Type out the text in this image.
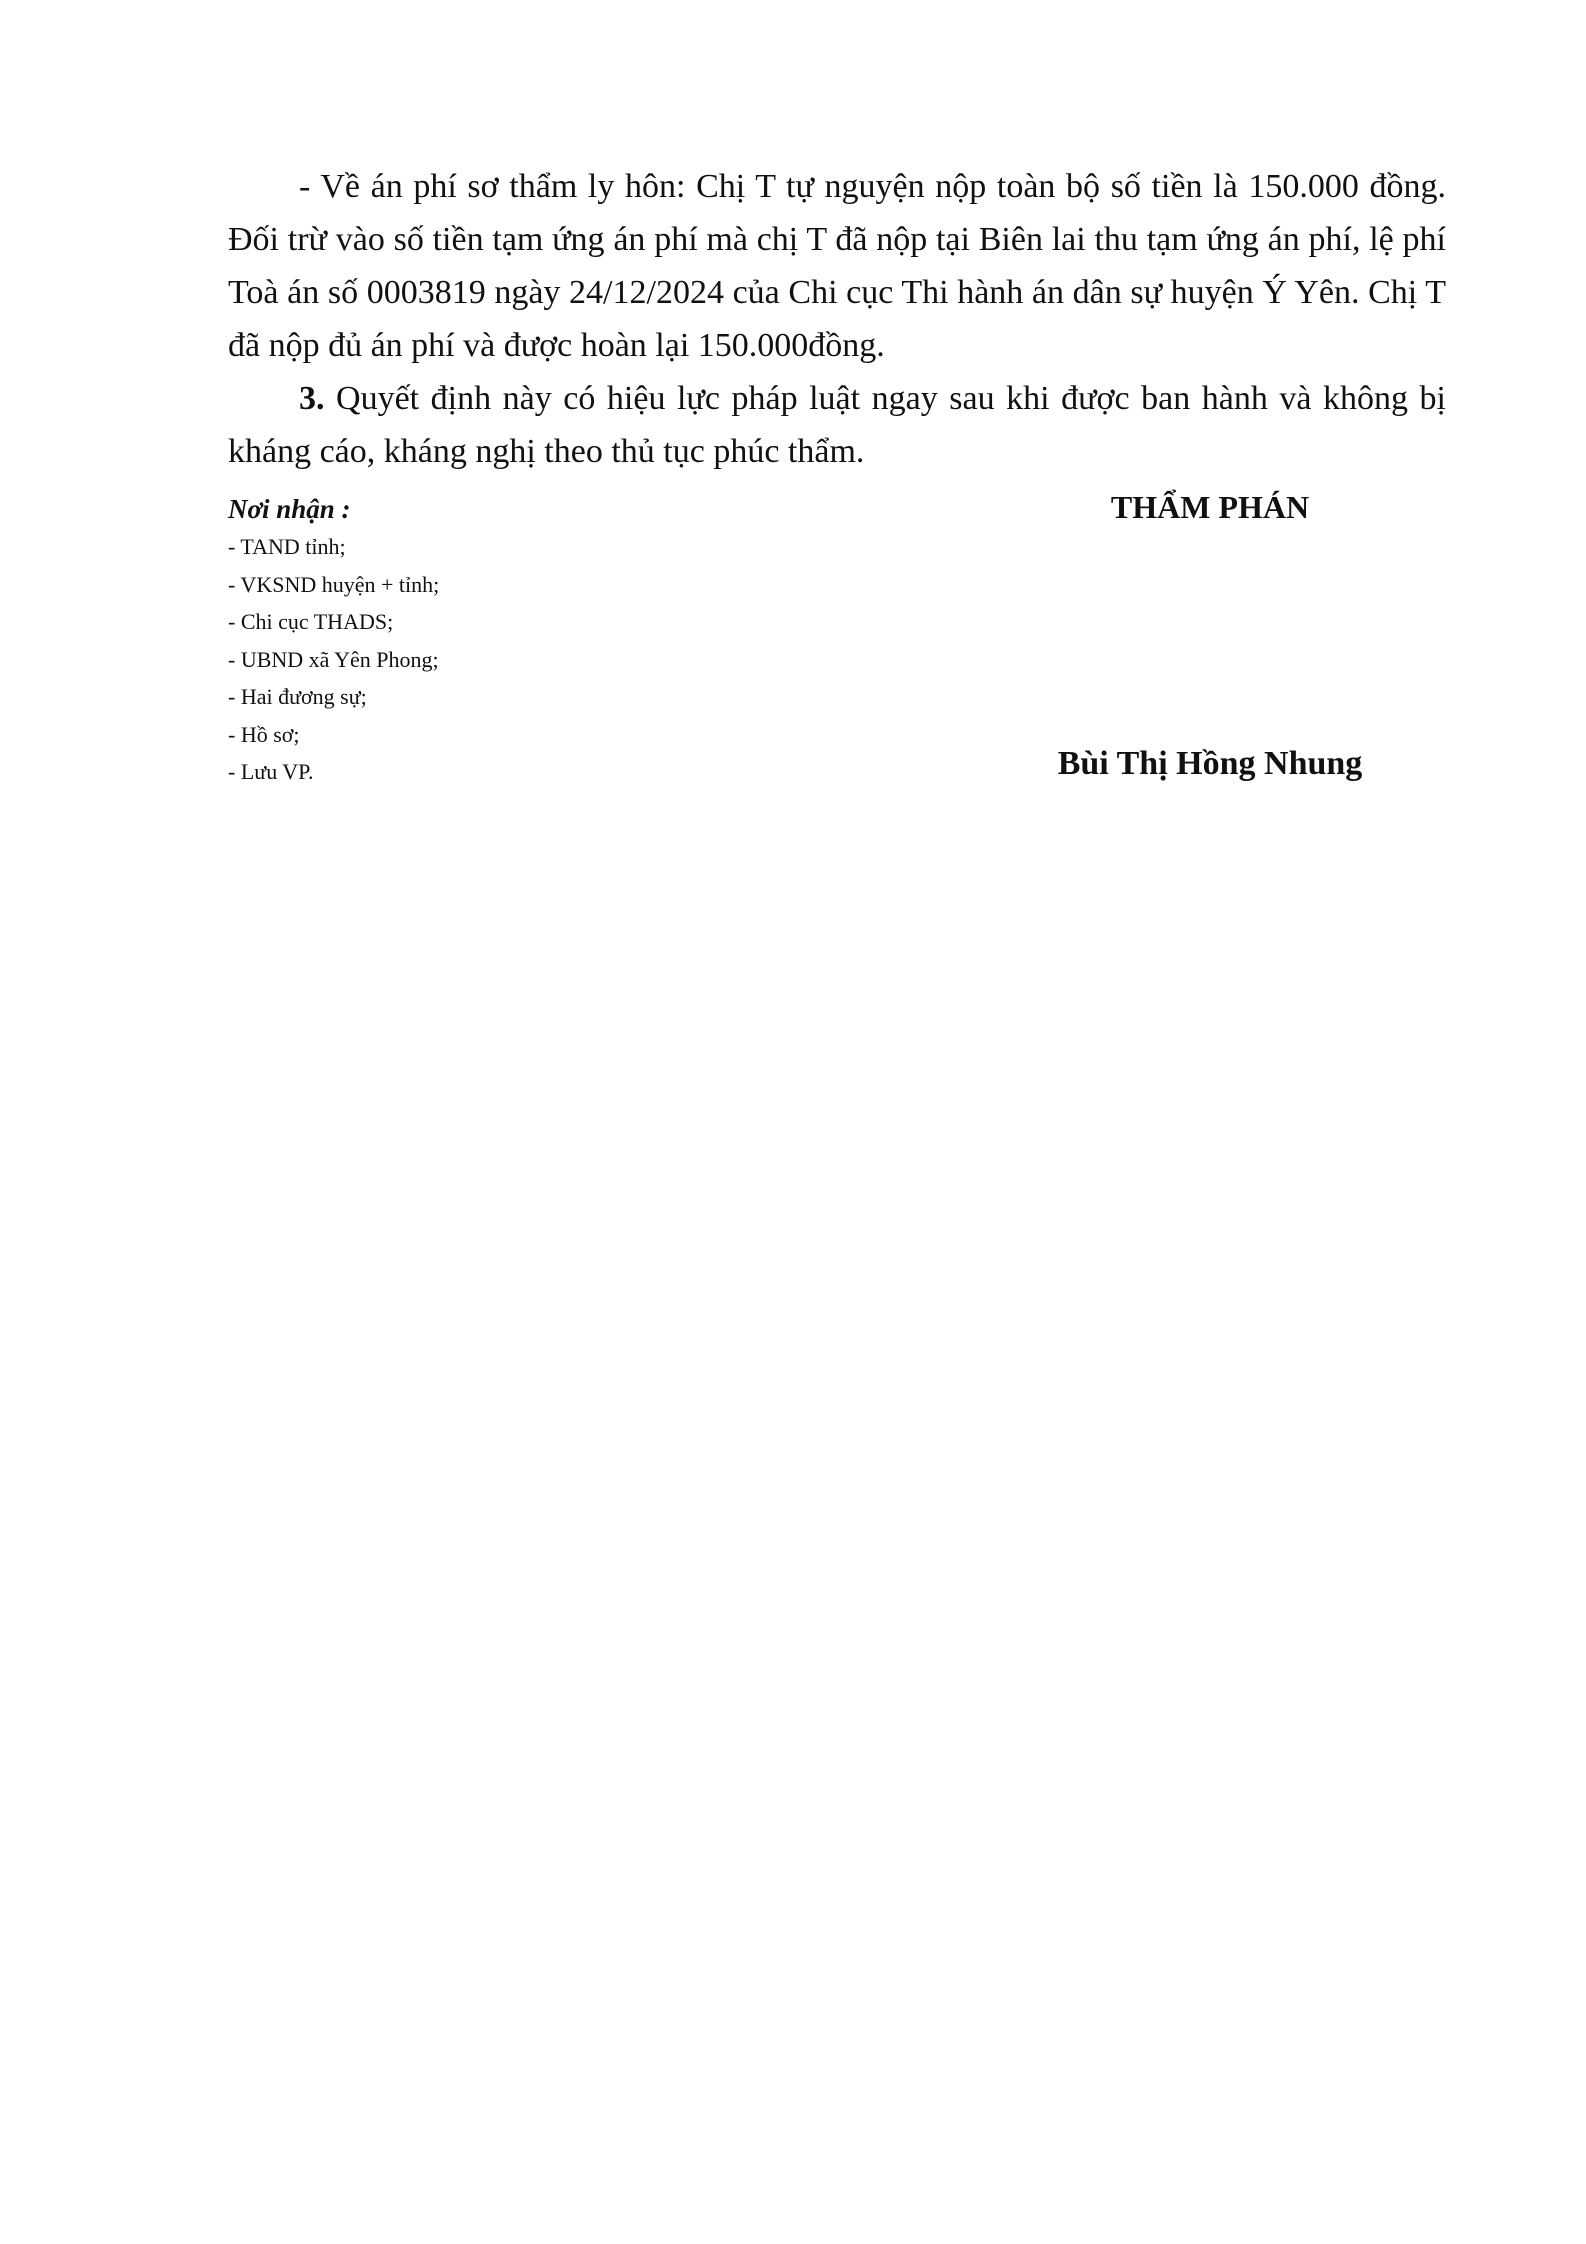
- Về án phí sơ thẩm ly hôn: Chị T tự nguyện nộp toàn bộ số tiền là 150.000 đồng. Đối trừ vào số tiền tạm ứng án phí mà chị T đã nộp tại Biên lai thu tạm ứng án phí, lệ phí Toà án số 0003819 ngày 24/12/2024 của Chi cục Thi hành án dân sự huyện Ý Yên. Chị T đã nộp đủ án phí và được hoàn lại 150.000đồng.

3. Quyết định này có hiệu lực pháp luật ngay sau khi được ban hành và không bị kháng cáo, kháng nghị theo thủ tục phúc thẩm.

Nơi nhận :
- TAND tỉnh;
- VKSND huyện + tỉnh;
- Chi cục THADS;
- UBND xã Yên Phong;
- Hai đương sự;
- Hồ sơ;
- Lưu VP.
THẨM PHÁN
Bùi Thị Hồng Nhung
